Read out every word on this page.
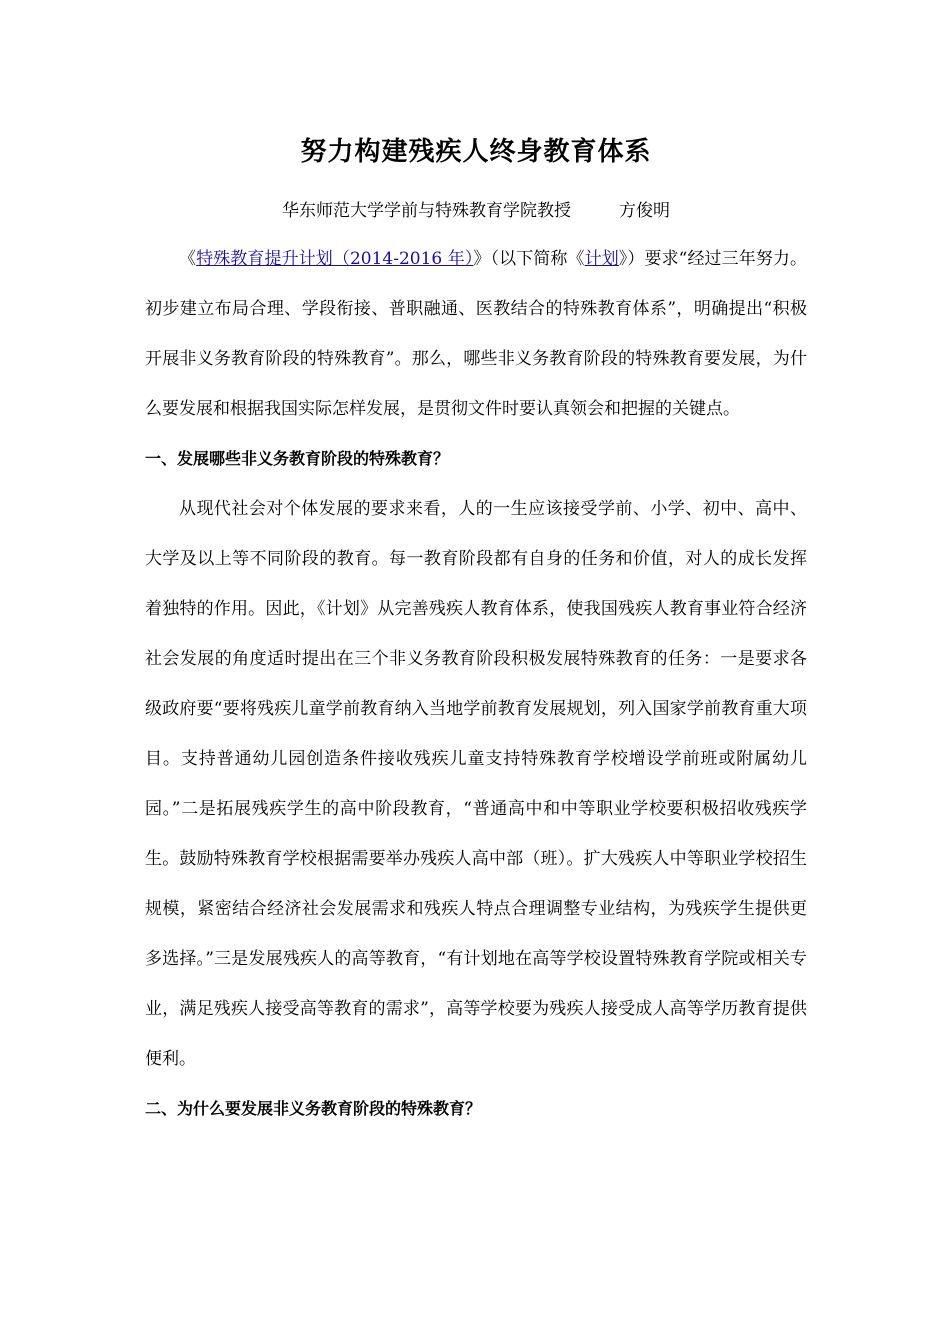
努力构建残疾人终身教育体系
华东师范大学学前与特殊教育学院教授	方俊明

《特殊教育提升计划（2014-2016 年）》（以下简称《计划》）要求“经过三年努力。初步建立布局合理、学段衔接、普职融通、医教结合的特殊教育体系”，明确提出“积极开展非义务教育阶段的特殊教育”。那么，哪些非义务教育阶段的特殊教育要发展，为什么要发展和根据我国实际怎样发展，是贯彻文件时要认真领会和把握的关键点。

一、发展哪些非义务教育阶段的特殊教育？

从现代社会对个体发展的要求来看，人的一生应该接受学前、小学、初中、高中、大学及以上等不同阶段的教育。每一教育阶段都有自身的任务和价值，对人的成长发挥着独特的作用。因此，《计划》从完善残疾人教育体系，使我国残疾人教育事业符合经济社会发展的角度适时提出在三个非义务教育阶段积极发展特殊教育的任务：一是要求各级政府要“要将残疾儿童学前教育纳入当地学前教育发展规划，列入国家学前教育重大项目。支持普通幼儿园创造条件接收残疾儿童支持特殊教育学校增设学前班或附属幼儿园。”二是拓展残疾学生的高中阶段教育，“普通高中和中等职业学校要积极招收残疾学生。鼓励特殊教育学校根据需要举办残疾人高中部（班）。扩大残疾人中等职业学校招生规模，紧密结合经济社会发展需求和残疾人特点合理调整专业结构，为残疾学生提供更多选择。”三是发展残疾人的高等教育，“有计划地在高等学校设置特殊教育学院或相关专业，满足残疾人接受高等教育的需求”，高等学校要为残疾人接受成人高等学历教育提供便利。

二、为什么要发展非义务教育阶段的特殊教育？
